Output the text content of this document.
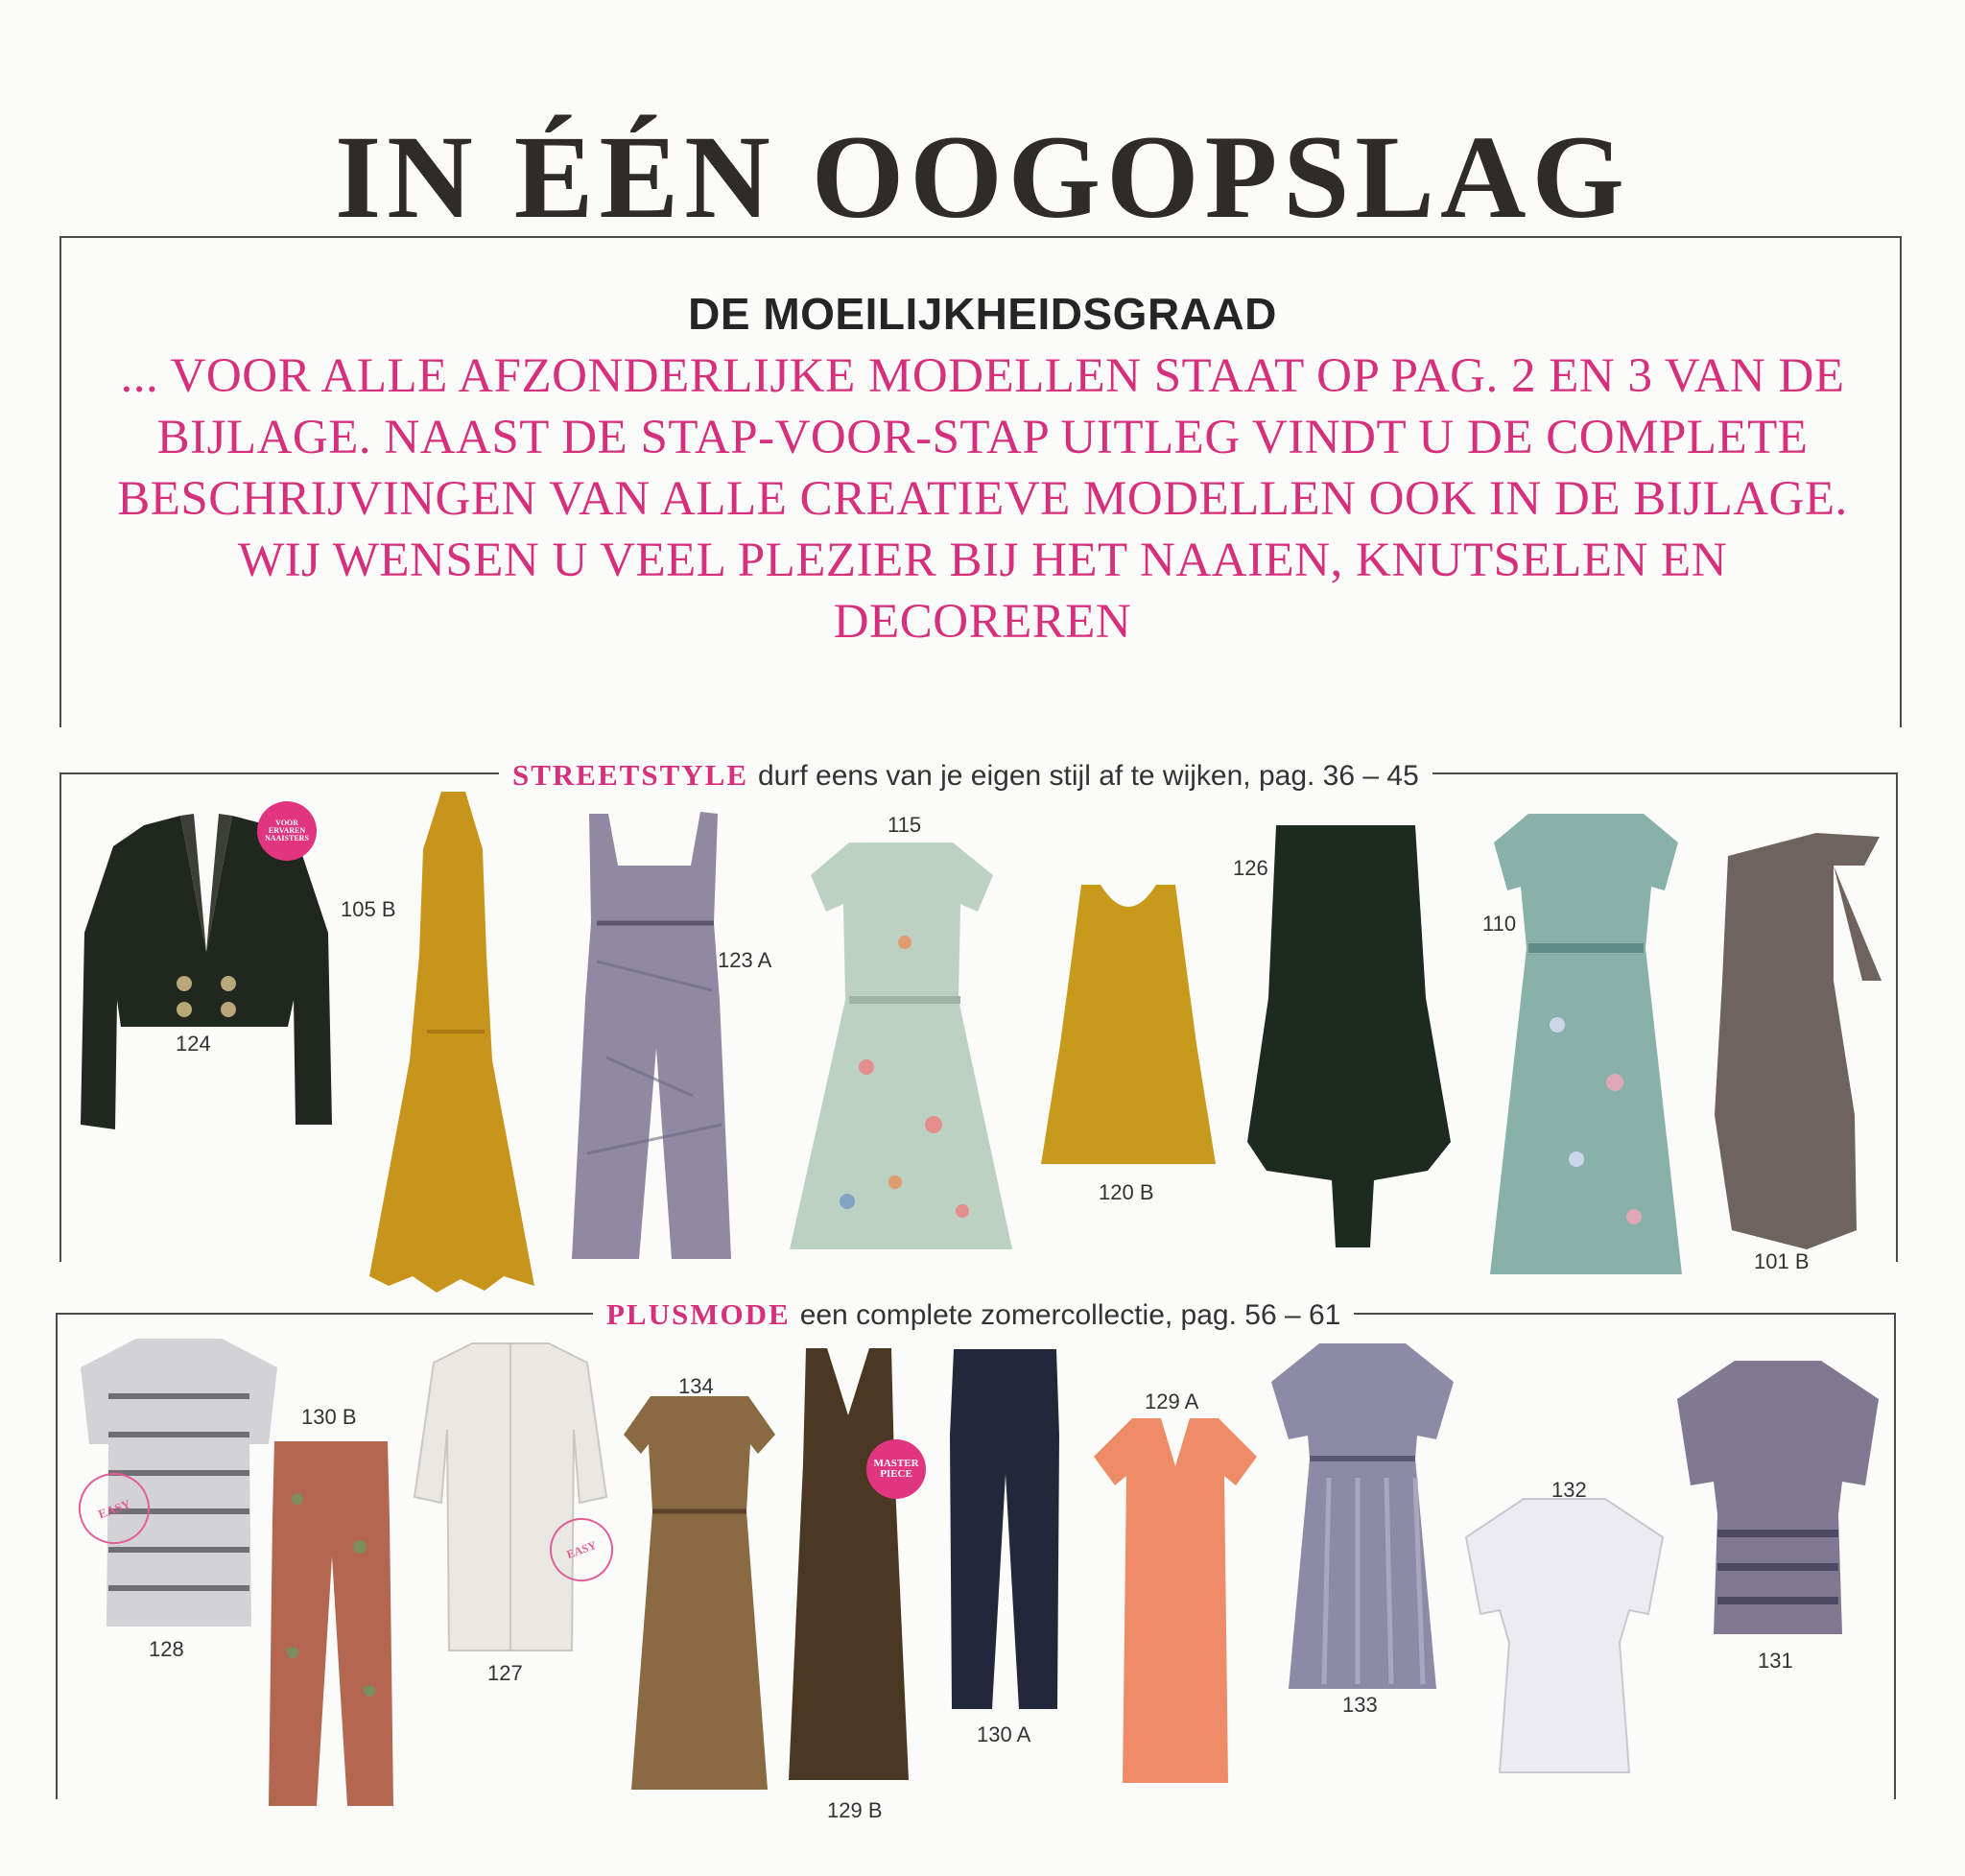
IN ÉÉN OOGOPSLAG
DE MOEILIJKHEIDSGRAAD

... VOOR ALLE AFZONDERLIJKE MODELLEN STAAT OP PAG. 2 EN 3 VAN DE BIJLAGE. NAAST DE STAP-VOOR-STAP UITLEG VINDT U DE COMPLETE BESCHRIJVINGEN VAN ALLE CREATIEVE MODELLEN OOK IN DE BIJLAGE. WIJ WENSEN U VEEL PLEZIER BIJ HET NAAIEN, KNUTSELEN EN DECOREREN

STREETSTYLE durf eens van je eigen stijl af te wijken, pag. 36 – 45
VOOR ERVAREN NAAISTERS
124
105 B
123 A
115
120 B
126
110
101 B
PLUSMODE een complete zomercollectie, pag. 56 – 61
128
130 B
EASY
EASY
127
134
MASTER PIECE
129 B
130 A
129 A
133
132
131
